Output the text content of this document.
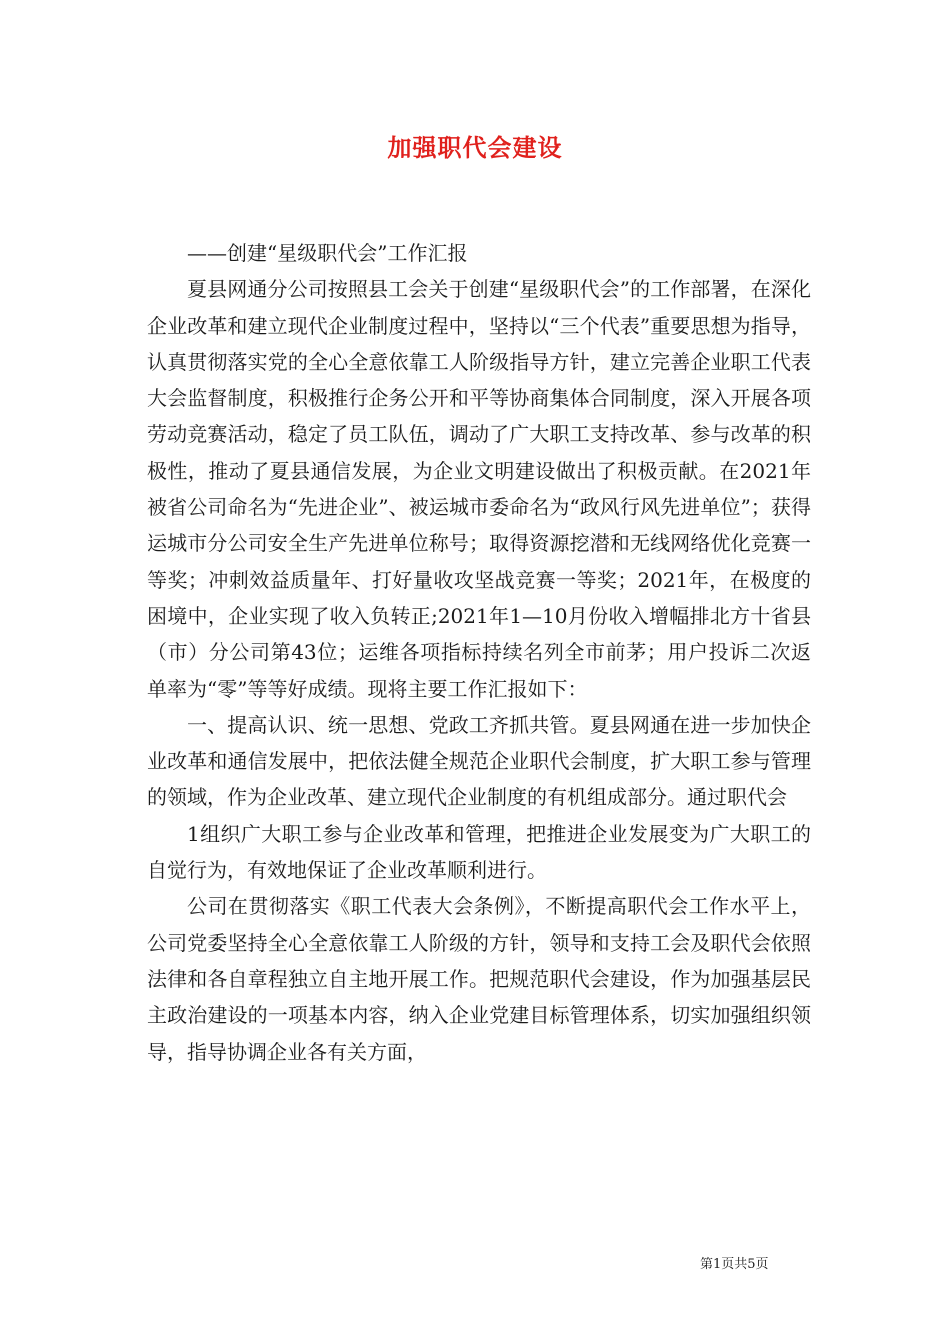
加强职代会建设

——创建“星级职代会”工作汇报

夏县网通分公司按照县工会关于创建“星级职代会”的工作部署，在深化企业改革和建立现代企业制度过程中，坚持以“三个代表”重要思想为指导，认真贯彻落实党的全心全意依靠工人阶级指导方针，建立完善企业职工代表大会监督制度，积极推行企务公开和平等协商集体合同制度，深入开展各项劳动竞赛活动，稳定了员工队伍，调动了广大职工支持改革、参与改革的积极性，推动了夏县通信发展，为企业文明建设做出了积极贡献。在2021年被省公司命名为“先进企业”、被运城市委命名为“政风行风先进单位”；获得运城市分公司安全生产先进单位称号；取得资源挖潜和无线网络优化竞赛一等奖；冲刺效益质量年、打好量收攻坚战竞赛一等奖；2021年，在极度的困境中，企业实现了收入负转正;2021年1—10月份收入增幅排北方十省县（市）分公司第43位；运维各项指标持续名列全市前茅；用户投诉二次返单率为“零”等等好成绩。现将主要工作汇报如下：

一、提高认识、统一思想、党政工齐抓共管。夏县网通在进一步加快企业改革和通信发展中，把依法健全规范企业职代会制度，扩大职工参与管理的领域，作为企业改革、建立现代企业制度的有机组成部分。通过职代会

1组织广大职工参与企业改革和管理，把推进企业发展变为广大职工的自觉行为，有效地保证了企业改革顺利进行。

公司在贯彻落实《职工代表大会条例》，不断提高职代会工作水平上，公司党委坚持全心全意依靠工人阶级的方针，领导和支持工会及职代会依照法律和各自章程独立自主地开展工作。把规范职代会建设，作为加强基层民主政治建设的一项基本内容，纳入企业党建目标管理体系，切实加强组织领导，指导协调企业各有关方面，

第1页共5页
